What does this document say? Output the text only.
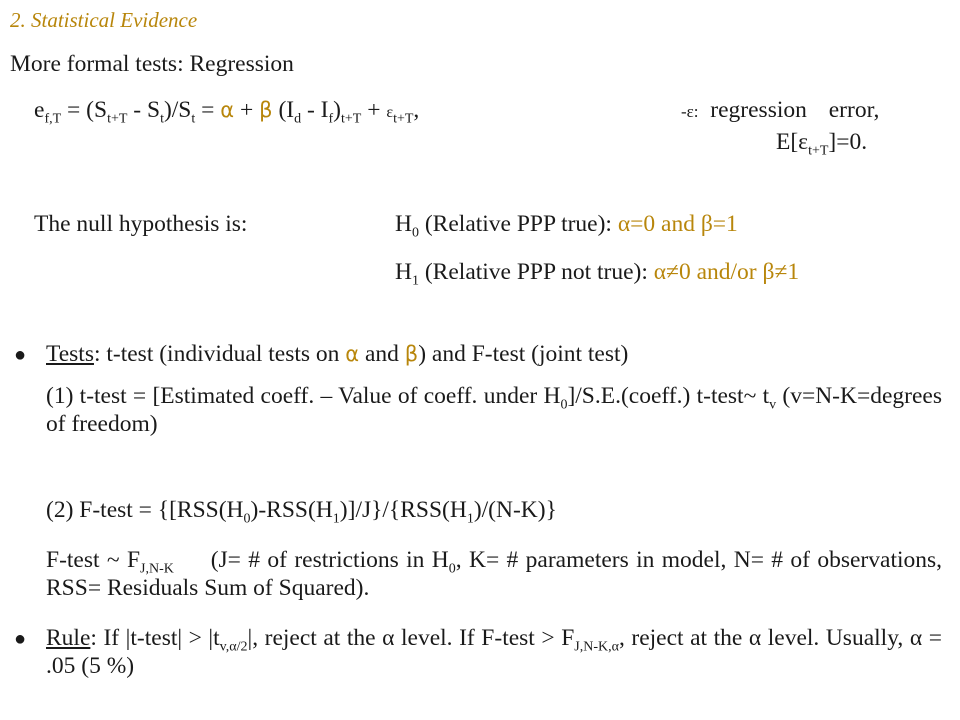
2. Statistical Evidence
More formal tests: Regression
$e_{f,T} = (S_{t+T} - S_t)/S_t = \alpha + \beta$ $(I_d - I_f)_{t+T} + \varepsilon_{t+T}$,	-ε: regression error,
$E[\varepsilon_{t+T}]=0$.
The null hypothesis is:	$H_0$ (Relative PPP true): α=0 and β=1
$H_1$ (Relative PPP not true): α≠0 and/or β≠1
● Tests: t-test (individual tests on α and β) and F-test (joint test)
(1) t-test = [Estimated coeff. – Value of coeff. under $H_0]/S.E.(coeff.)$ t-test~ $t_v$ (v=N-K=degrees of freedom)
(2) F-test = $\{[RSS(H_0)-RSS(H_1)]/J\}/\{RSS(H_1)/(N-K)\}$
F-test ~ $F_{J,N-K}$     (J= # of restrictions in $H_0$, K= # parameters in model, N= # of observations, RSS= Residuals Sum of Squared).
● Rule: If |t-test| > $|t_{v,\alpha/2}|$, reject at the α level. If F-test > $F_{J,N-K,\alpha}$, reject at the α level. Usually, α = .05 (5 %)
